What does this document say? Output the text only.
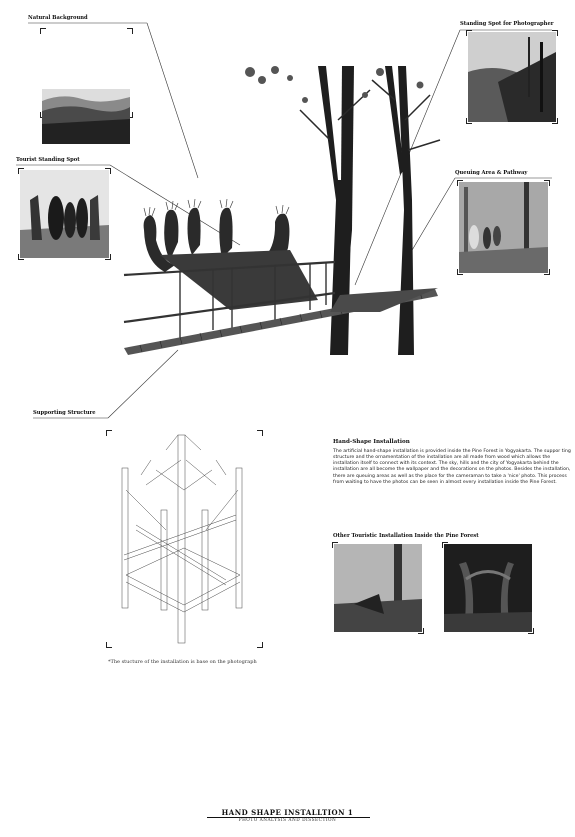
Natural Background
Standing Spot for Photographer
Tourist Standing Spot
Queuing Area & Pathway
Supporting Structure
*The stucture of the installation is base on the photograph
Hand-Shape Installation
The artificial hand-shape installation is provided inside the Pine Forest in Yogyakarta. The suppor ting structure and the ornamentation of the installation are all made from wood which allows the installation itself to connect with its context. The sky, hills and the city of Yogyakarta behind the installation are all become the wallpaper and the decorations on the photos. Besides the installation, there are queuing areas as well as the place for the cameraman to take a 'nice' photo. This process from waiting to have the photos can be seen in almost every installation inside the Pine Forest.
Other Touristic Installation Inside the Pine Forest
HAND SHAPE INSTALLTION 1
PHOTO ANALYSIS AND DISSECTION
